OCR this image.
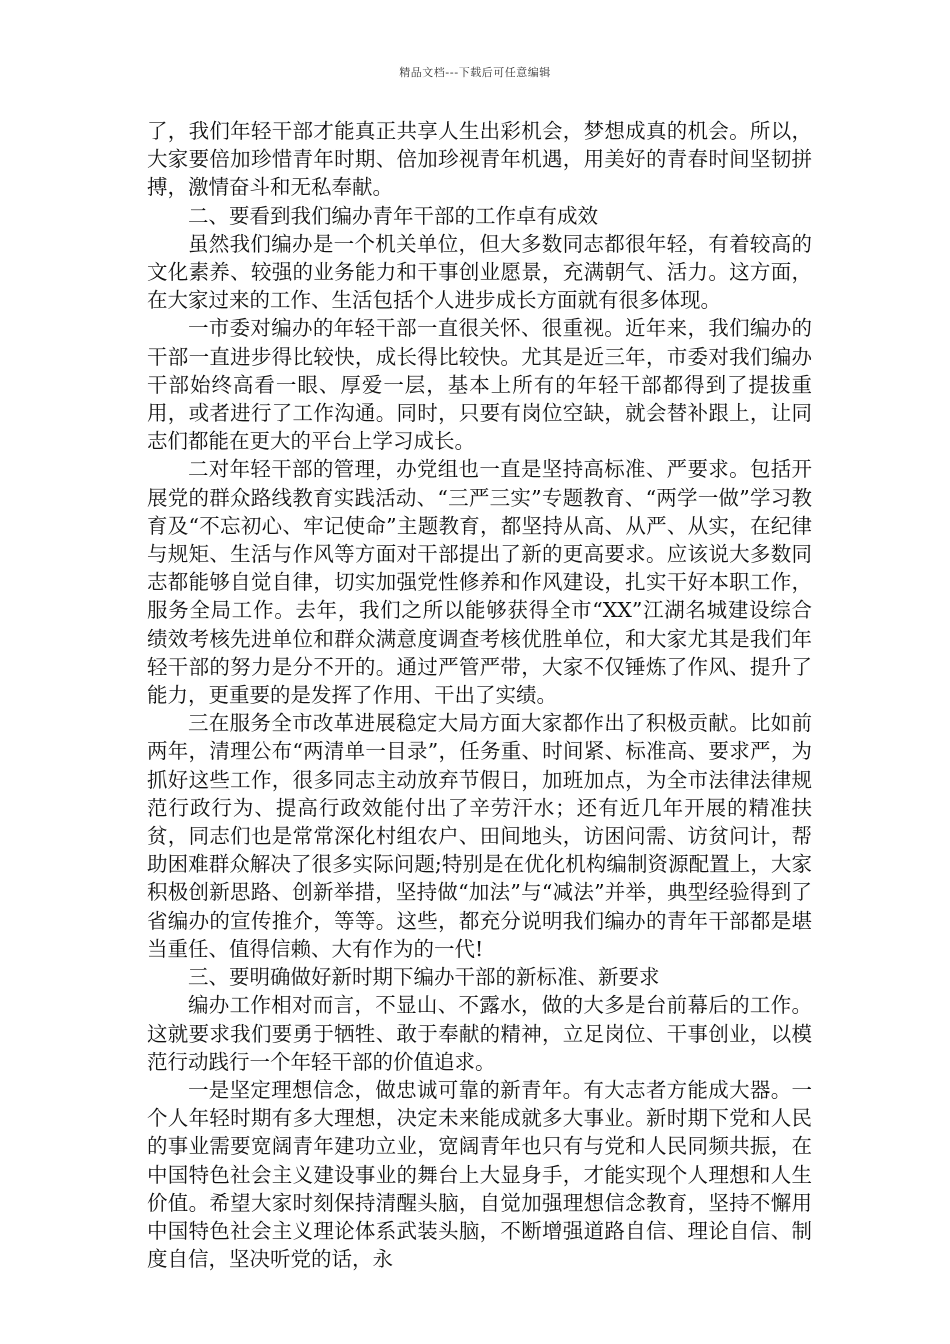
精品文档---下载后可任意编辑

了，我们年轻干部才能真正共享人生出彩机会，梦想成真的机会。所以，大家要倍加珍惜青年时期、倍加珍视青年机遇，用美好的青春时间坚韧拼搏，激情奋斗和无私奉献。

二、要看到我们编办青年干部的工作卓有成效

虽然我们编办是一个机关单位，但大多数同志都很年轻，有着较高的文化素养、较强的业务能力和干事创业愿景，充满朝气、活力。这方面，在大家过来的工作、生活包括个人进步成长方面就有很多体现。

一市委对编办的年轻干部一直很关怀、很重视。近年来，我们编办的干部一直进步得比较快，成长得比较快。尤其是近三年，市委对我们编办干部始终高看一眼、厚爱一层，基本上所有的年轻干部都得到了提拔重用，或者进行了工作沟通。同时，只要有岗位空缺，就会替补跟上，让同志们都能在更大的平台上学习成长。

二对年轻干部的管理，办党组也一直是坚持高标准、严要求。包括开展党的群众路线教育实践活动、“三严三实”专题教育、“两学一做”学习教育及“不忘初心、牢记使命”主题教育，都坚持从高、从严、从实，在纪律与规矩、生活与作风等方面对干部提出了新的更高要求。应该说大多数同志都能够自觉自律，切实加强党性修养和作风建设，扎实干好本职工作，服务全局工作。去年，我们之所以能够获得全市“XX”江湖名城建设综合绩效考核先进单位和群众满意度调查考核优胜单位，和大家尤其是我们年轻干部的努力是分不开的。通过严管严带，大家不仅锤炼了作风、提升了能力，更重要的是发挥了作用、干出了实绩。

三在服务全市改革进展稳定大局方面大家都作出了积极贡献。比如前两年，清理公布“两清单一目录”，任务重、时间紧、标准高、要求严，为抓好这些工作，很多同志主动放弃节假日，加班加点，为全市法律法律规范行政行为、提高行政效能付出了辛劳汗水；还有近几年开展的精准扶贫，同志们也是常常深化村组农户、田间地头，访困问需、访贫问计，帮助困难群众解决了很多实际问题;特别是在优化机构编制资源配置上，大家积极创新思路、创新举措，坚持做“加法”与“减法”并举，典型经验得到了省编办的宣传推介，等等。这些，都充分说明我们编办的青年干部都是堪当重任、值得信赖、大有作为的一代!

三、要明确做好新时期下编办干部的新标准、新要求

编办工作相对而言，不显山、不露水，做的大多是台前幕后的工作。这就要求我们要勇于牺牲、敢于奉献的精神，立足岗位、干事创业，以模范行动践行一个年轻干部的价值追求。

一是坚定理想信念，做忠诚可靠的新青年。有大志者方能成大器。一个人年轻时期有多大理想，决定未来能成就多大事业。新时期下党和人民的事业需要宽阔青年建功立业，宽阔青年也只有与党和人民同频共振，在中国特色社会主义建设事业的舞台上大显身手，才能实现个人理想和人生价值。希望大家时刻保持清醒头脑，自觉加强理想信念教育，坚持不懈用中国特色社会主义理论体系武装头脑，不断增强道路自信、理论自信、制度自信，坚决听党的话，永
